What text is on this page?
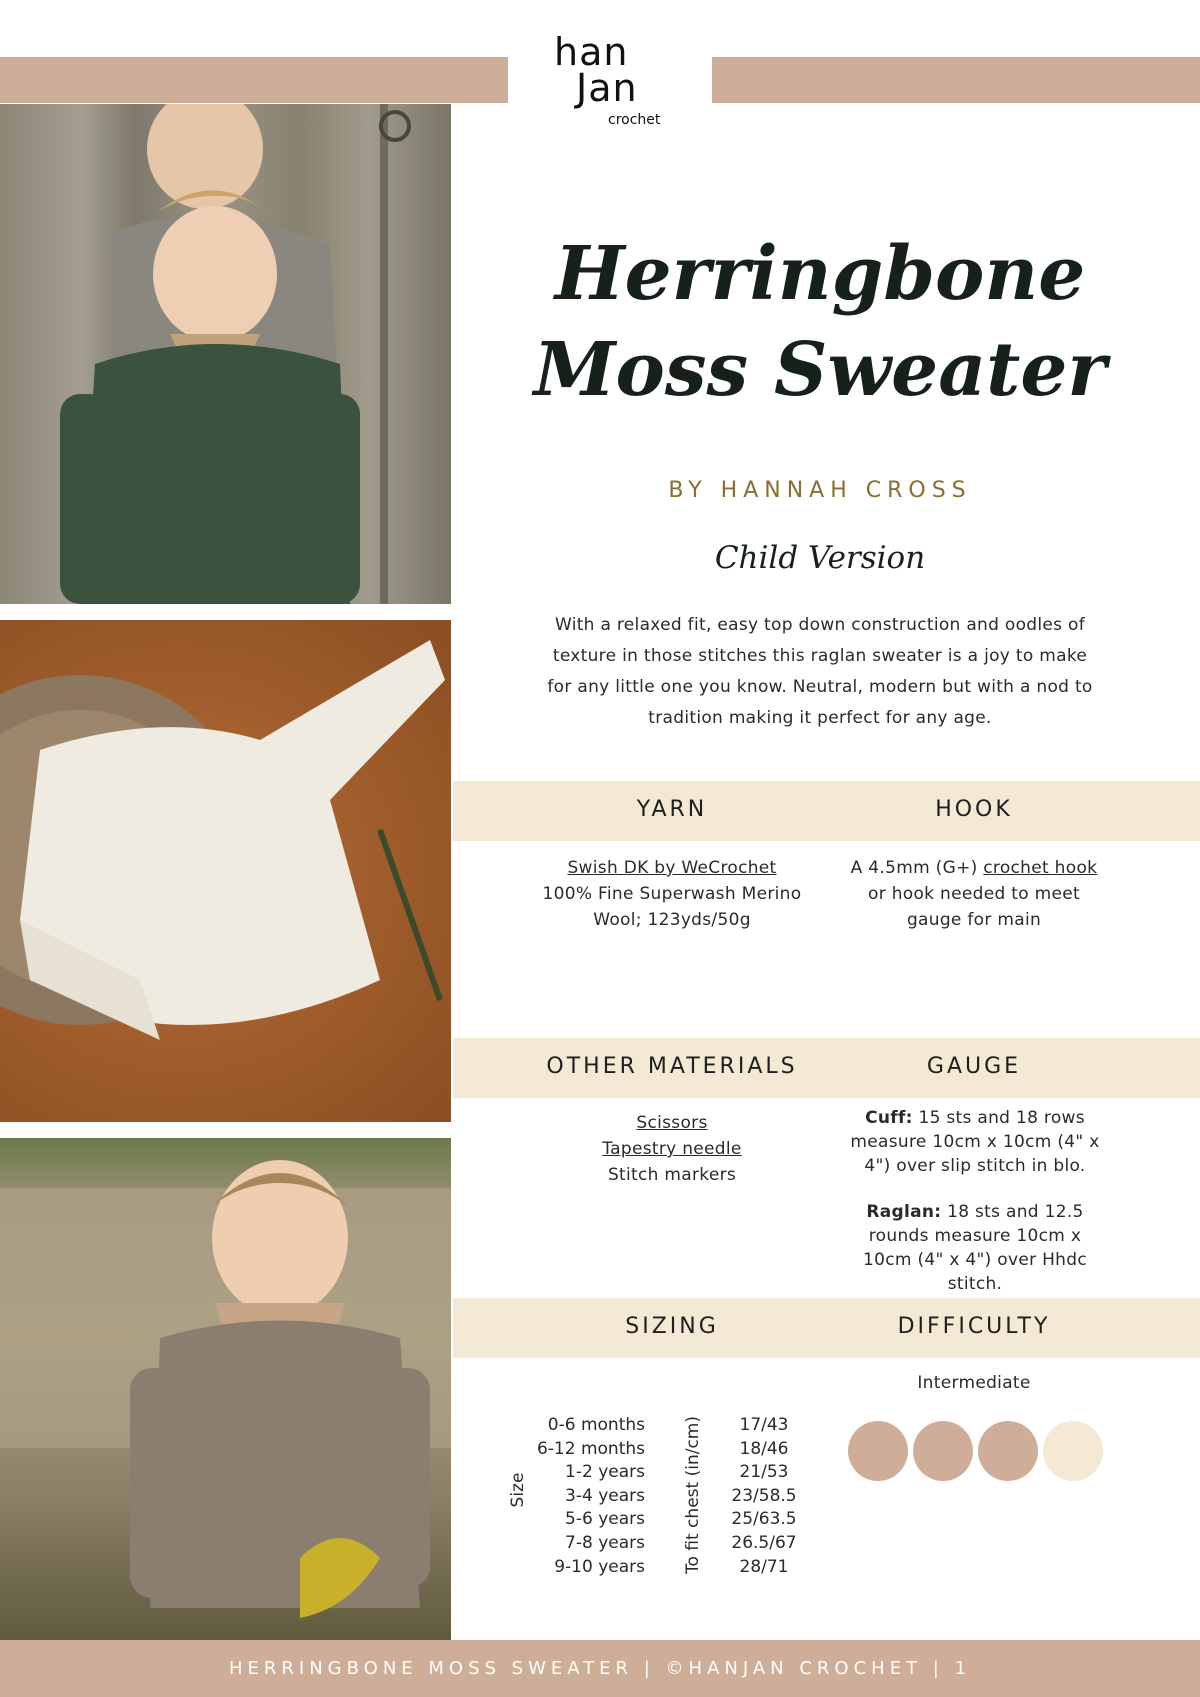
han
Jan
crochet
Herringbone Moss Sweater
BY HANNAH CROSS
Child Version

With a relaxed fit, easy top down construction and oodles of texture in those stitches this raglan sweater is a joy to make for any little one you know. Neutral, modern but with a nod to tradition making it perfect for any age.

YARN	HOOK
Swish DK by WeCrochet
100% Fine Superwash Merino
Wool; 123yds/50g
A 4.5mm (G+) crochet hook
or hook needed to meet
gauge for main
OTHER MATERIALS	GAUGE
Scissors
Tapestry needle
Stitch markers
Cuff: 15 sts and 18 rows
measure 10cm x 10cm (4" x
4") over slip stitch in blo.
Raglan: 18 sts and 12.5
rounds measure 10cm x
10cm (4" x 4") over Hhdc
stitch.
SIZING	DIFFICULTY
Size	To fit chest (in/cm)
0-6 months	17/43
6-12 months	18/46
1-2 years	21/53
3-4 years	23/58.5
5-6 years	25/63.5
7-8 years	26.5/67
9-10 years	28/71
Intermediate
HERRINGBONE MOSS SWEATER | ©HANJAN CROCHET | 1
